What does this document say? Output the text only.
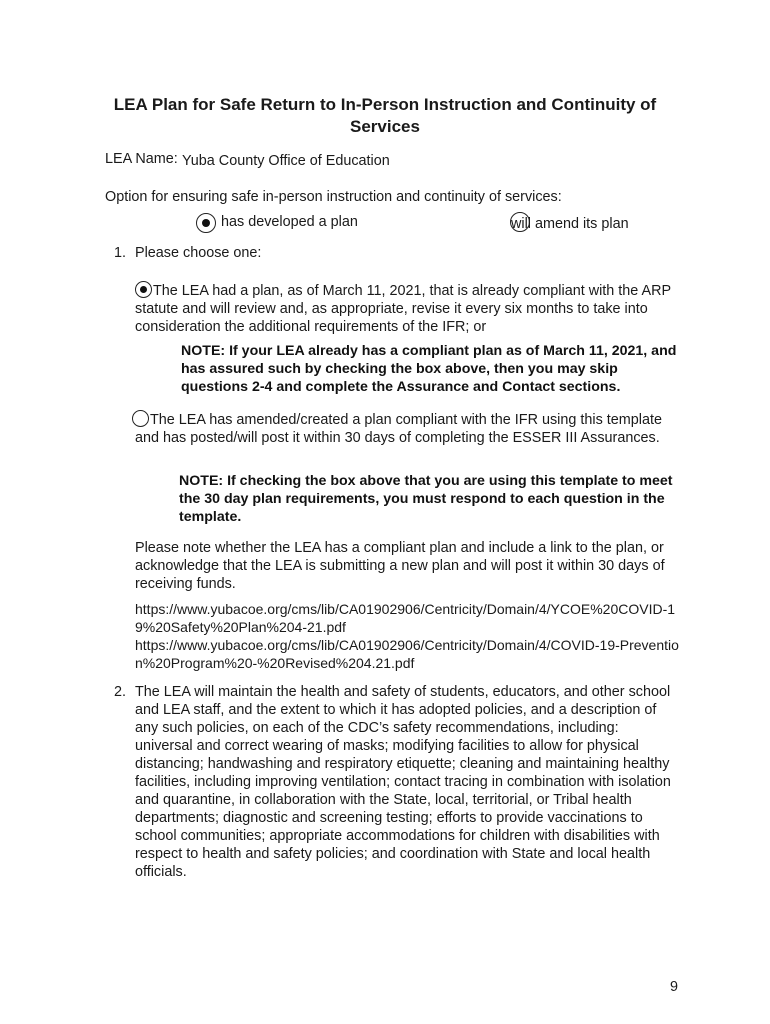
LEA Plan for Safe Return to In-Person Instruction and Continuity of Services
LEA Name: Yuba County Office of Education
Option for ensuring safe in-person instruction and continuity of services:

has developed a plan	will amend its plan
1. Please choose one:
The LEA had a plan, as of March 11, 2021, that is already compliant with the ARP statute and will review and, as appropriate, revise it every six months to take into consideration the additional requirements of the IFR; or
NOTE: If your LEA already has a compliant plan as of March 11, 2021, and has assured such by checking the box above, then you may skip questions 2-4 and complete the Assurance and Contact sections.
The LEA has amended/created a plan compliant with the IFR using this template and has posted/will post it within 30 days of completing the ESSER III Assurances.
NOTE: If checking the box above that you are using this template to meet the 30 day plan requirements, you must respond to each question in the template.
Please note whether the LEA has a compliant plan and include a link to the plan, or acknowledge that the LEA is submitting a new plan and will post it within 30 days of receiving funds.
https://www.yubacoe.org/cms/lib/CA01902906/Centricity/Domain/4/YCOE%20COVID-19%20Safety%20Plan%204-21.pdf
https://www.yubacoe.org/cms/lib/CA01902906/Centricity/Domain/4/COVID-19-Prevention%20Program%20-%20Revised%204.21.pdf
2. The LEA will maintain the health and safety of students, educators, and other school and LEA staff, and the extent to which it has adopted policies, and a description of any such policies, on each of the CDC’s safety recommendations, including: universal and correct wearing of masks; modifying facilities to allow for physical distancing; handwashing and respiratory etiquette; cleaning and maintaining healthy facilities, including improving ventilation; contact tracing in combination with isolation and quarantine, in collaboration with the State, local, territorial, or Tribal health departments; diagnostic and screening testing; efforts to provide vaccinations to school communities; appropriate accommodations for children with disabilities with respect to health and safety policies; and coordination with State and local health officials.
9
